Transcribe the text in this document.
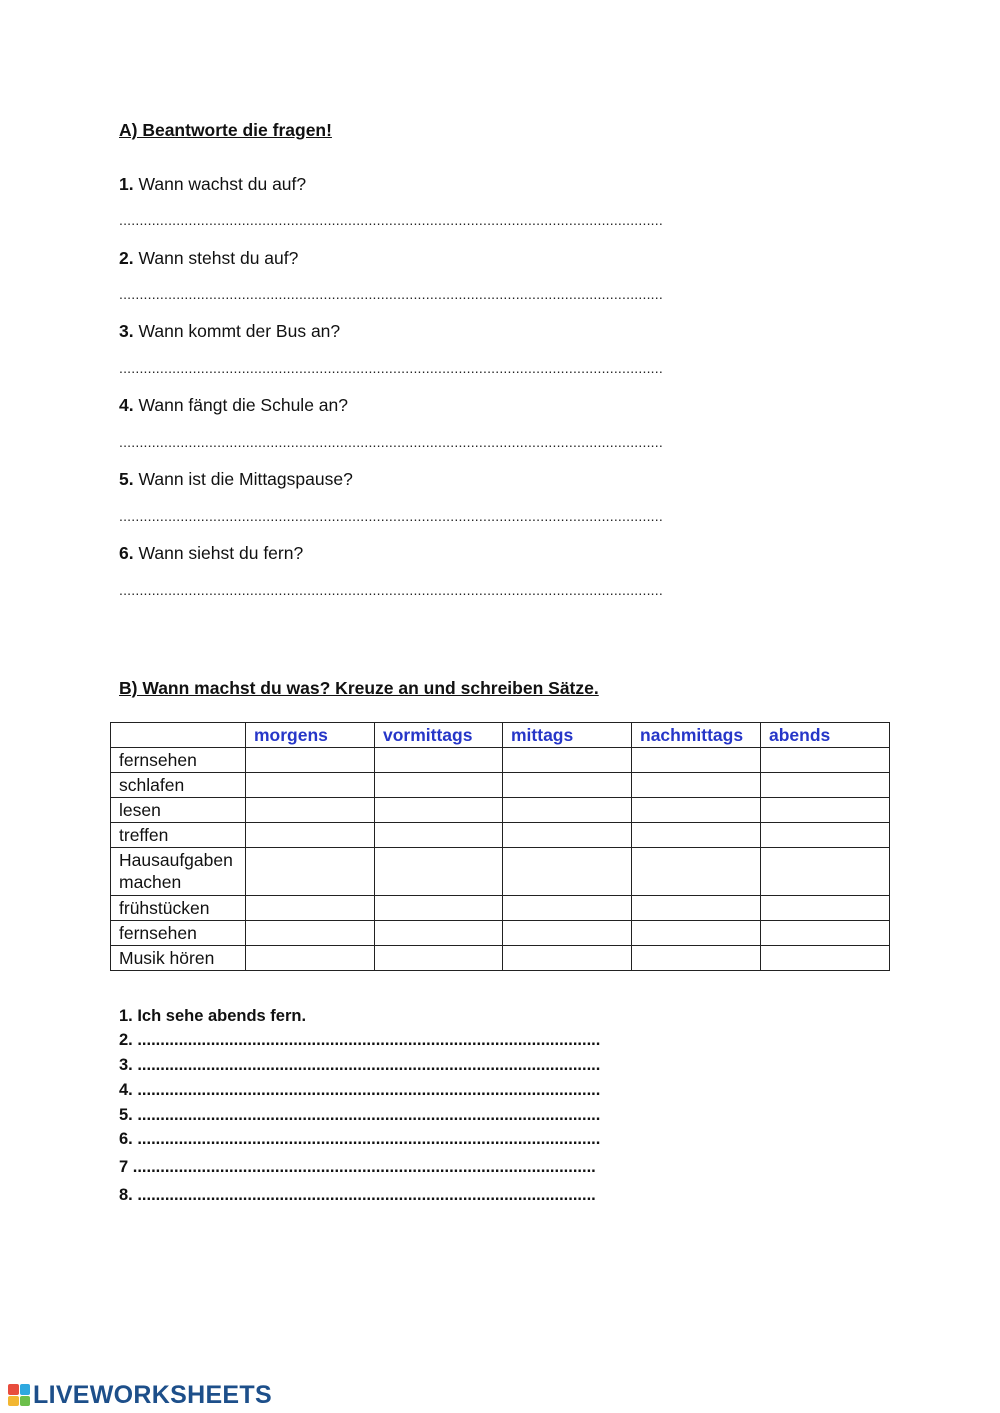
A) Beantworte die fragen!
1. Wann wachst du auf?
.....................................................................................................................................
2. Wann stehst du auf?
.....................................................................................................................................
3. Wann kommt der Bus an?
.....................................................................................................................................
4. Wann fängt die Schule an?
.....................................................................................................................................
5. Wann ist die Mittagspause?
.....................................................................................................................................
6. Wann siehst du fern?
.....................................................................................................................................
B) Wann machst du was? Kreuze an und schreiben Sätze.
	morgens	vormittags	mittags	nachmittags	abends
fernsehen					
schlafen					
lesen					
treffen					
Hausaufgaben machen					
frühstücken					
fernsehen					
Musik hören					
1. Ich sehe abends fern.
2. .....................................................................................................
3. .....................................................................................................
4. .....................................................................................................
5. .....................................................................................................
6. .....................................................................................................
7 .....................................................................................................
8. ....................................................................................................
LIVEWORKSHEETS
